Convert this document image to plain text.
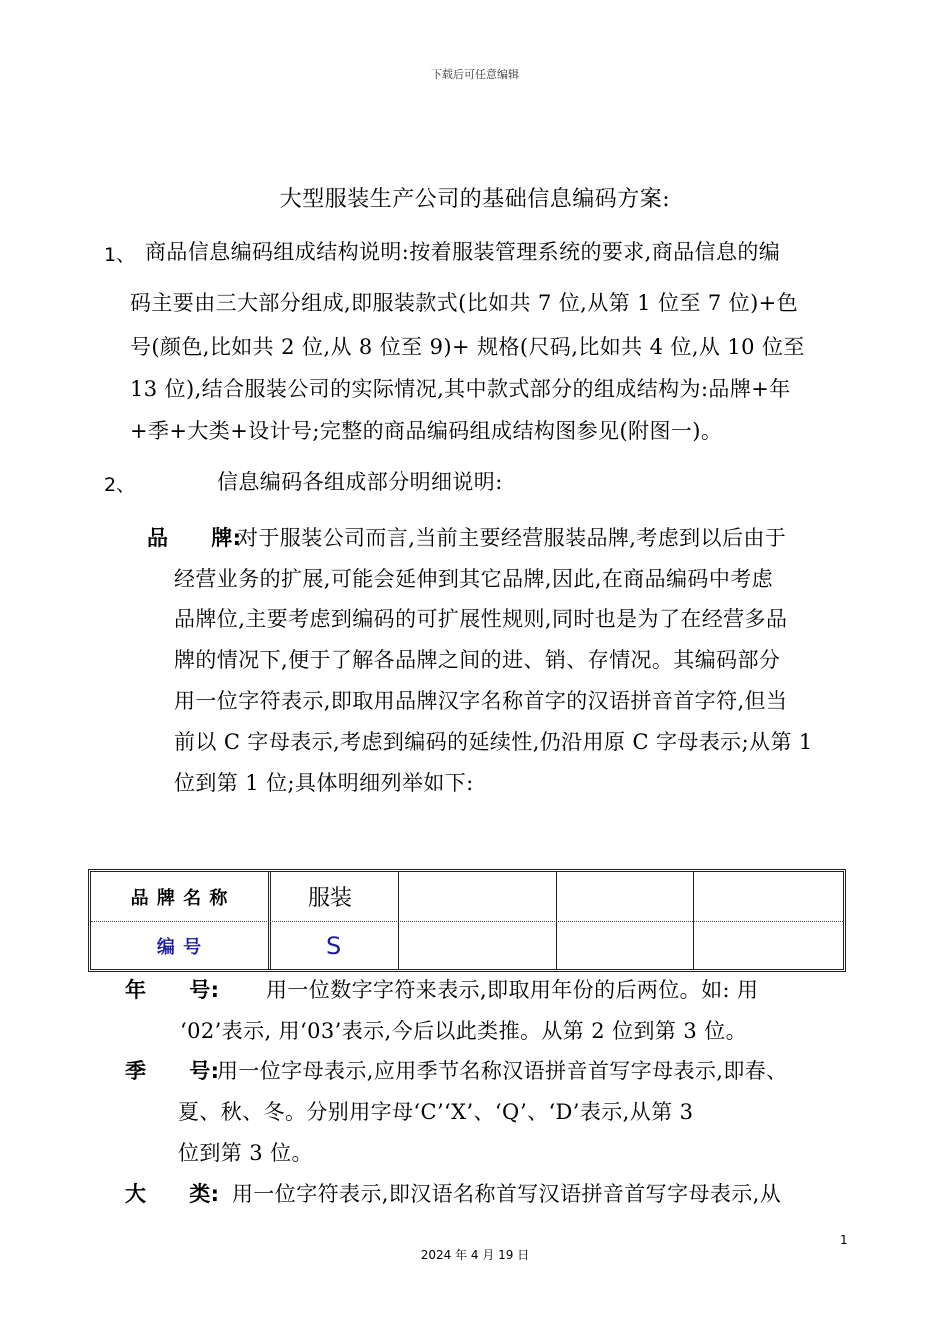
下载后可任意编辑
大型服装生产公司的基础信息编码方案:
1、 商品信息编码组成结构说明:按着服装管理系统的要求,商品信息的编
码主要由三大部分组成,即服装款式(比如共 7 位,从第 1 位至 7 位)+色
号(颜色,比如共 2 位,从 8 位至 9)+ 规格(尺码,比如共 4 位,从 10 位至
13 位),结合服装公司的实际情况,其中款式部分的组成结构为:品牌+年
+季+大类+设计号;完整的商品编码组成结构图参见(附图一)。
2、	信息编码各组成部分明细说明:
品　　牌:
对于服装公司而言,当前主要经营服装品牌,考虑到以后由于
经营业务的扩展,可能会延伸到其它品牌,因此,在商品编码中考虑
品牌位,主要考虑到编码的可扩展性规则,同时也是为了在经营多品
牌的情况下,便于了解各品牌之间的进、销、存情况。其编码部分
用一位字符表示,即取用品牌汉字名称首字的汉语拼音首字符,但当
前以 C 字母表示,考虑到编码的延续性,仍沿用原 C 字母表示;从第 1
位到第 1 位;具体明细列举如下:
品 牌 名 称	服装
编 号	S
年　　号: 用一位数字字符来表示,即取用年份的后两位。如: 用
‘02’表示, 用‘03’表示,今后以此类推。从第 2 位到第 3 位。
季　　号:
用一位字母表示,应用季节名称汉语拼音首写字母表示,即春、
夏、秋、冬。分别用字母‘C’‘X’、‘Q’、‘D’表示,从第 3
位到第 3 位。
大　　类: 用一位字符表示,即汉语名称首写汉语拼音首写字母表示,从
1
2024 年 4 月 19 日
